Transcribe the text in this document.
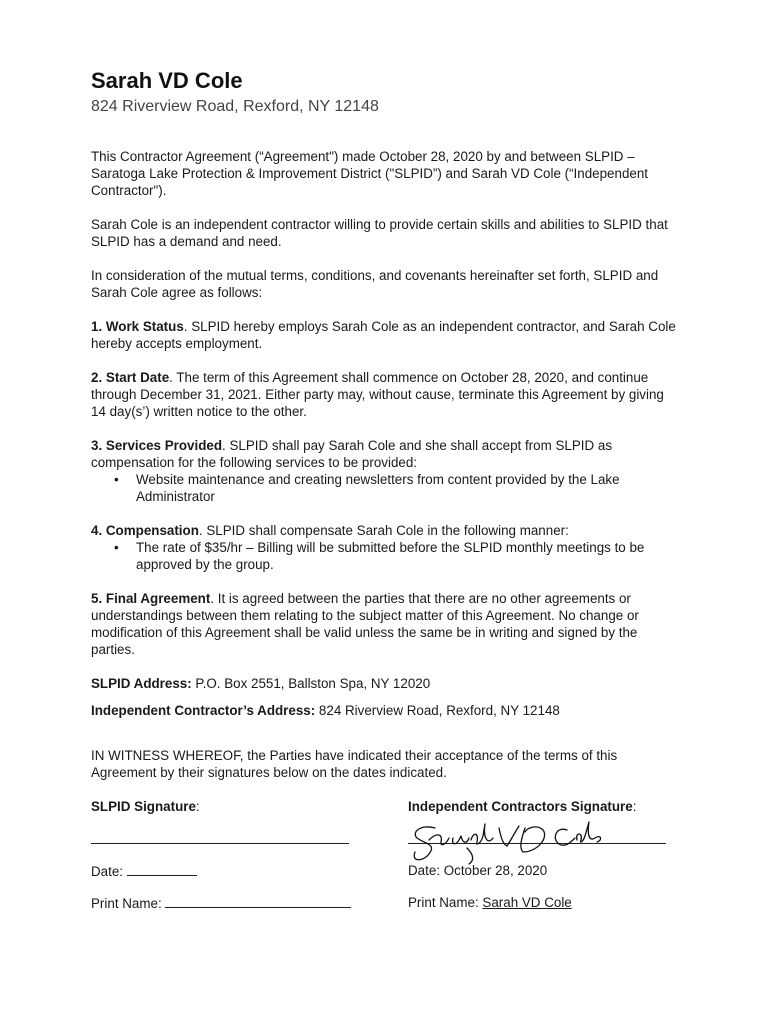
Sarah VD Cole
824 Riverview Road, Rexford, NY 12148

This Contractor Agreement (“Agreement") made October 28, 2020 by and between SLPID – Saratoga Lake Protection & Improvement District ("SLPID”) and Sarah VD Cole (“Independent Contractor").

Sarah Cole is an independent contractor willing to provide certain skills and abilities to SLPID that SLPID has a demand and need.

In consideration of the mutual terms, conditions, and covenants hereinafter set forth, SLPID and Sarah Cole agree as follows:

1. Work Status. SLPID hereby employs Sarah Cole as an independent contractor, and Sarah Cole hereby accepts employment.

2. Start Date. The term of this Agreement shall commence on October 28, 2020, and continue through December 31, 2021. Either party may, without cause, terminate this Agreement by giving 14 day(s’) written notice to the other.

3. Services Provided. SLPID shall pay Sarah Cole and she shall accept from SLPID as compensation for the following services to be provided:
• Website maintenance and creating newsletters from content provided by the Lake Administrator
4. Compensation. SLPID shall compensate Sarah Cole in the following manner:
• The rate of $35/hr – Billing will be submitted before the SLPID monthly meetings to be approved by the group.

5. Final Agreement. It is agreed between the parties that there are no other agreements or understandings between them relating to the subject matter of this Agreement. No change or modification of this Agreement shall be valid unless the same be in writing and signed by the parties.

SLPID Address: P.O. Box 2551, Ballston Spa, NY 12020
Independent Contractor’s Address: 824 Riverview Road, Rexford, NY 12148

IN WITNESS WHEREOF, the Parties have indicated their acceptance of the terms of this Agreement by their signatures below on the dates indicated.

SLPID Signature:	Independent Contractors Signature:
Date:	Date: October 28, 2020
Print Name:	Print Name: Sarah VD Cole
